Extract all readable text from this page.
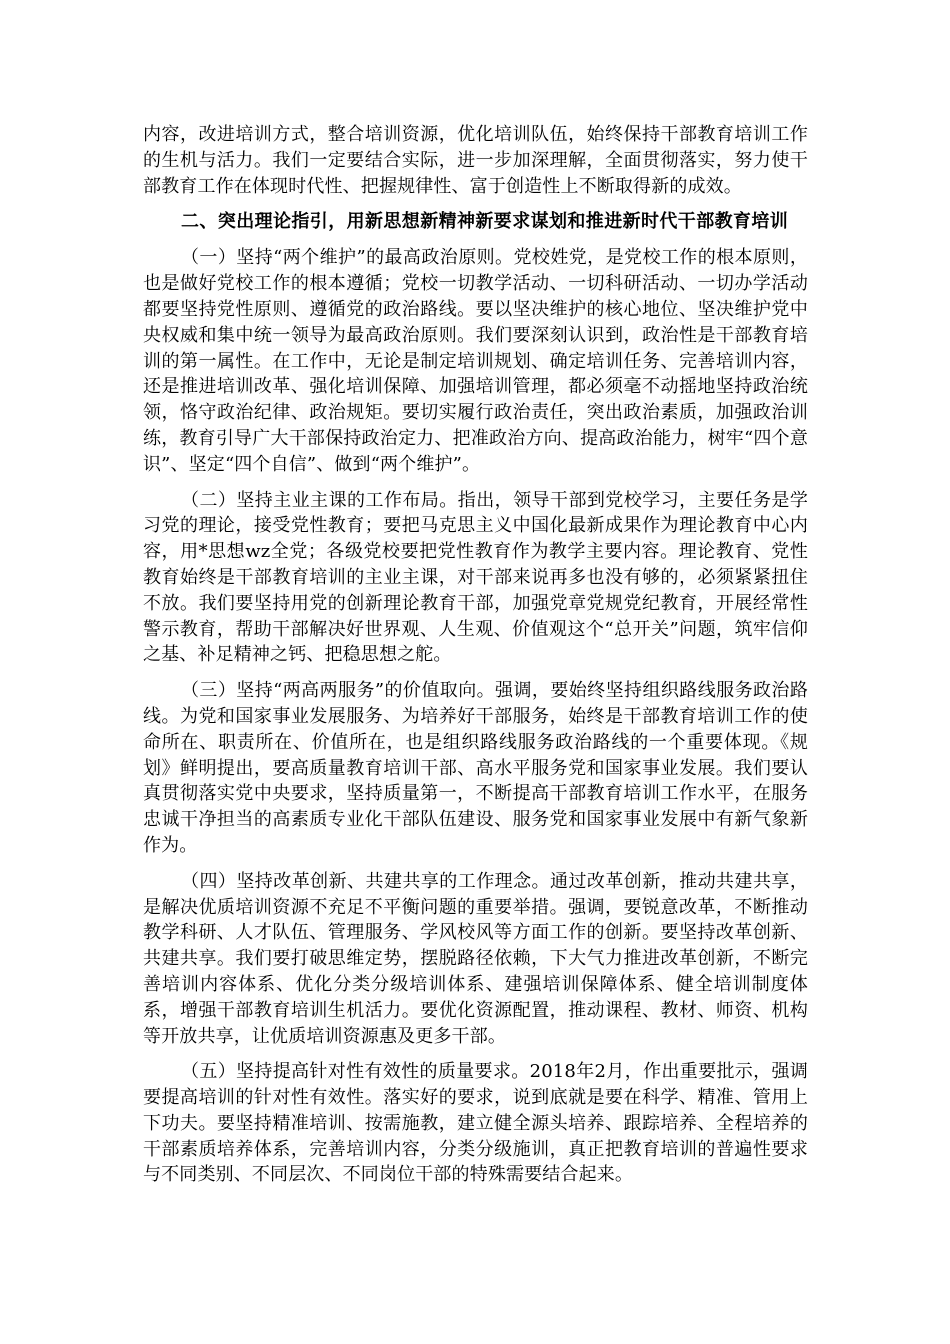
内容，改进培训方式，整合培训资源，优化培训队伍，始终保持干部教育培训工作的生机与活力。我们一定要结合实际，进一步加深理解，全面贯彻落实，努力使干部教育工作在体现时代性、把握规律性、富于创造性上不断取得新的成效。

二、突出理论指引，用新思想新精神新要求谋划和推进新时代干部教育培训

（一）坚持“两个维护”的最高政治原则。党校姓党，是党校工作的根本原则，也是做好党校工作的根本遵循；党校一切教学活动、一切科研活动、一切办学活动都要坚持党性原则、遵循党的政治路线。要以坚决维护的核心地位、坚决维护党中央权威和集中统一领导为最高政治原则。我们要深刻认识到，政治性是干部教育培训的第一属性。在工作中，无论是制定培训规划、确定培训任务、完善培训内容，还是推进培训改革、强化培训保障、加强培训管理，都必须毫不动摇地坚持政治统领，恪守政治纪律、政治规矩。要切实履行政治责任，突出政治素质，加强政治训练，教育引导广大干部保持政治定力、把准政治方向、提高政治能力，树牢“四个意识”、坚定“四个自信”、做到“两个维护”。

（二）坚持主业主课的工作布局。指出，领导干部到党校学习，主要任务是学习党的理论，接受党性教育；要把马克思主义中国化最新成果作为理论教育中心内容，用*思想wz全党；各级党校要把党性教育作为教学主要内容。理论教育、党性教育始终是干部教育培训的主业主课，对干部来说再多也没有够的，必须紧紧扭住不放。我们要坚持用党的创新理论教育干部，加强党章党规党纪教育，开展经常性警示教育，帮助干部解决好世界观、人生观、价值观这个“总开关”问题，筑牢信仰之基、补足精神之钙、把稳思想之舵。

（三）坚持“两高两服务”的价值取向。强调，要始终坚持组织路线服务政治路线。为党和国家事业发展服务、为培养好干部服务，始终是干部教育培训工作的使命所在、职责所在、价值所在，也是组织路线服务政治路线的一个重要体现。《规划》鲜明提出，要高质量教育培训干部、高水平服务党和国家事业发展。我们要认真贯彻落实党中央要求，坚持质量第一，不断提高干部教育培训工作水平，在服务忠诚干净担当的高素质专业化干部队伍建设、服务党和国家事业发展中有新气象新作为。

（四）坚持改革创新、共建共享的工作理念。通过改革创新，推动共建共享，是解决优质培训资源不充足不平衡问题的重要举措。强调，要锐意改革，不断推动教学科研、人才队伍、管理服务、学风校风等方面工作的创新。要坚持改革创新、共建共享。我们要打破思维定势，摆脱路径依赖，下大气力推进改革创新，不断完善培训内容体系、优化分类分级培训体系、建强培训保障体系、健全培训制度体系，增强干部教育培训生机活力。要优化资源配置，推动课程、教材、师资、机构等开放共享，让优质培训资源惠及更多干部。

（五）坚持提高针对性有效性的质量要求。2018年2月，作出重要批示，强调要提高培训的针对性有效性。落实好的要求，说到底就是要在科学、精准、管用上下功夫。要坚持精准培训、按需施教，建立健全源头培养、跟踪培养、全程培养的干部素质培养体系，完善培训内容，分类分级施训，真正把教育培训的普遍性要求与不同类别、不同层次、不同岗位干部的特殊需要结合起来。
